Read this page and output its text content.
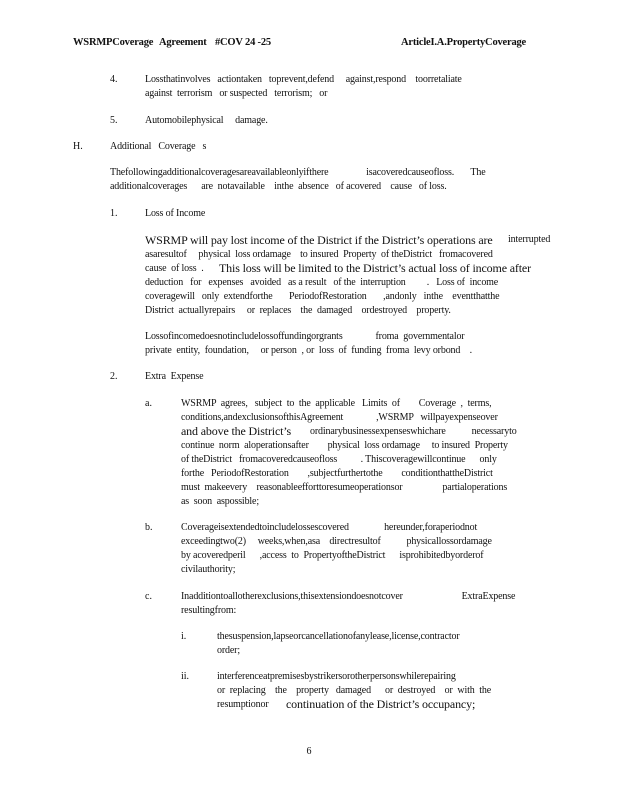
WSRMPCoverage Agreement #COV 24 -25	ArticleI.A.PropertyCoverage
4.	Lossthatinvolves   actiontaken   toprevent,defend     against,respond    toorretaliate
against  terrorism   or suspected   terrorism;   or
5.	Automobilephysical     damage.
H.	Additional   Coverage   s
Thefollowingadditionalcoveragesareavailableonlyifthere                isacoveredcauseofloss.       The
additionalcoverages      are  notavailable    inthe  absence   of acovered    cause   of loss.
1.	Loss of Income
WSRMP will pay lost income of the District if the District’s operations are interrupted
asaresultof     physical  loss ordamage    to insured  Property  of theDistrict   fromacovered
cause  of loss  . This loss will be limited to the District’s actual loss of income after
deduction   for   expenses   avoided   as a result   of the  interruption         .   Loss of  income
coveragewill   only  extendforthe       PeriodofRestoration       ,andonly   inthe    eventthatthe
District  actuallyrepairs     or  replaces    the  damaged    ordestroyed    property.
Lossofincomedoesnotincludelossoffundingorgrants              froma  governmentalor
private  entity,  foundation,     or person  , or  loss  of  funding  froma  levy orbond    .
2.	Extra  Expense
a.	WSRMP  agrees,   subject  to  the  applicable   Limits  of        Coverage  ,  terms,
conditions,andexclusionsofthisAgreement              ,WSRMP   willpayexpenseover
and above the District’s ordinarybusinessexpenseswhichare           necessaryto
continue  norm  aloperationsafter        physical  loss ordamage     to insured  Property
of theDistrict   fromacoveredcauseofloss          . Thiscoveragewillcontinue      only
forthe   PeriodofRestoration        ,subjectfurthertothe        conditionthattheDistrict
must  makeevery    reasonableefforttoresumeoperationsor                 partialoperations
as  soon  aspossible;
b.	Coverageisextendedtoincludelossescovered               hereunder,foraperiodnot
exceedingtwo(2)     weeks,when,asa    directresultof           physicallossordamage
by acoveredperil      ,access  to  PropertyoftheDistrict      isprohibitedbyorderof
civilauthority;
c.	Inadditiontoallotherexclusions,thisextensiondoesnotcover                         ExtraExpense
resultingfrom:
i.	thesuspension,lapseorcancellationofanylease,license,contractor
order;
ii.	interferenceatpremisesbystrikersorotherpersonswhilerepairing
or  replacing    the    property   damaged      or  destroyed    or  with  the
resumptionor continuation of the District’s occupancy;
6
